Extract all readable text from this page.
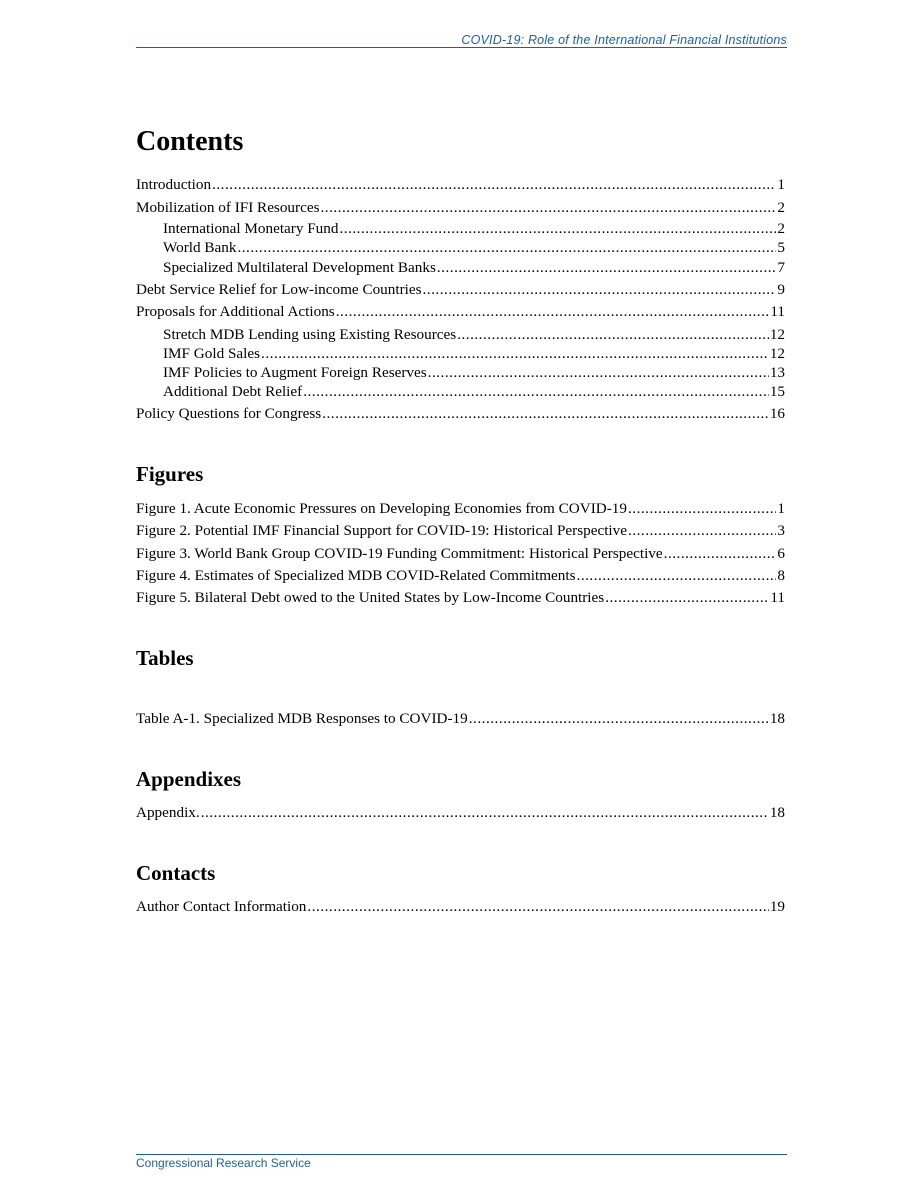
COVID-19: Role of the International Financial Institutions
Contents
Introduction .....	1
Mobilization of IFI Resources .....	2
International Monetary Fund .....	2
World Bank .....	5
Specialized Multilateral Development Banks .....	7
Debt Service Relief for Low-income Countries .....	9
Proposals for Additional Actions .....	11
Stretch MDB Lending using Existing Resources .....	12
IMF Gold Sales .....	12
IMF Policies to Augment Foreign Reserves .....	13
Additional Debt Relief .....	15
Policy Questions for Congress .....	16
Figures
Figure 1. Acute Economic Pressures on Developing Economies from COVID-19 .....	1
Figure 2. Potential IMF Financial Support for COVID-19: Historical Perspective .....	3
Figure 3. World Bank Group COVID-19 Funding Commitment: Historical Perspective .....	6
Figure 4. Estimates of Specialized MDB COVID-Related Commitments .....	8
Figure 5. Bilateral Debt owed to the United States by Low-Income Countries .....	11
Tables
Table A-1. Specialized MDB Responses to COVID-19 .....	18
Appendixes
Appendix. .....	18
Contacts
Author Contact Information .....	19
Congressional Research Service
